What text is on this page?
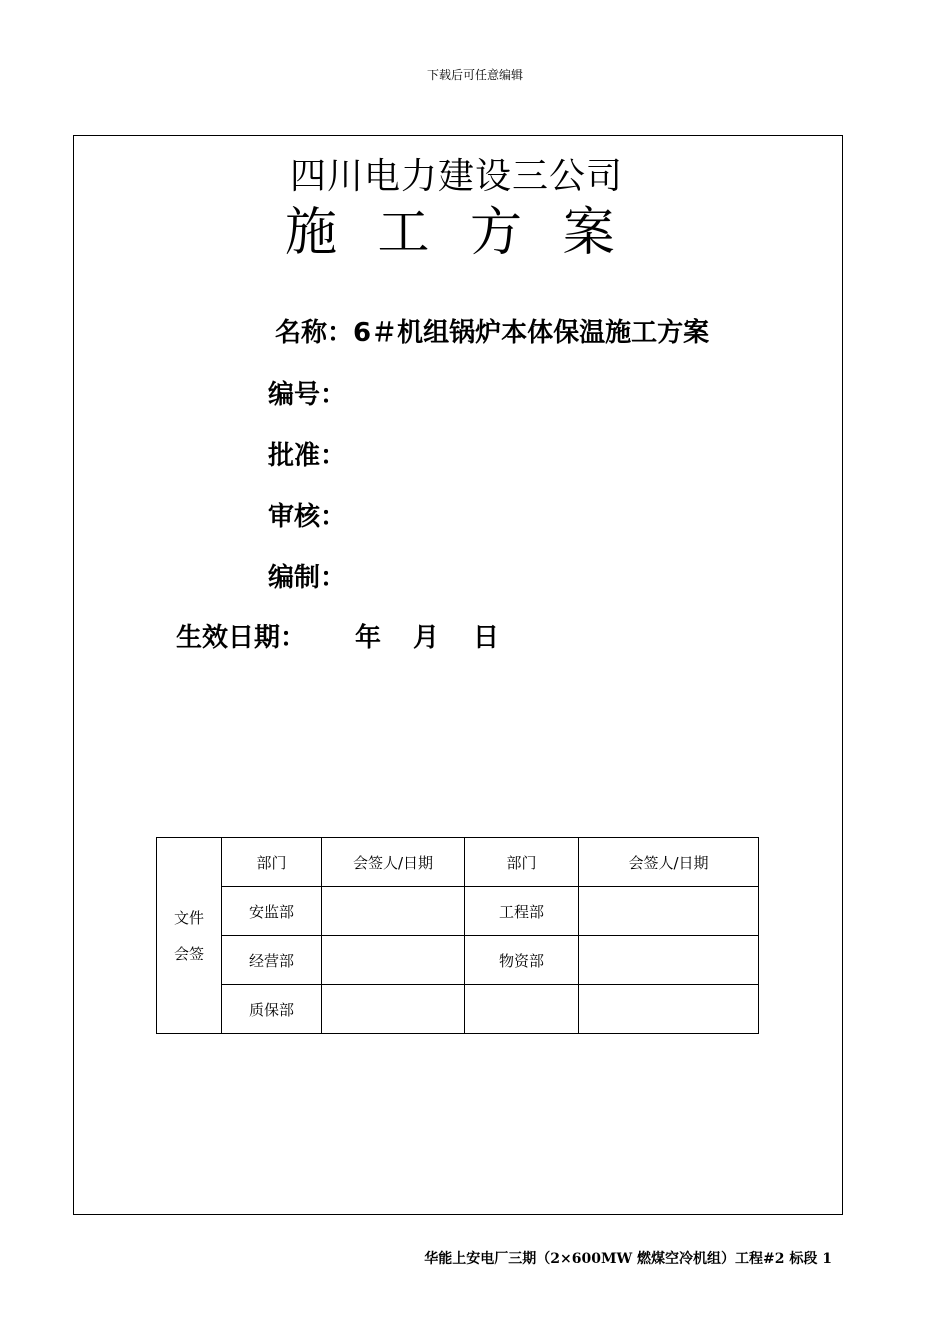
下载后可任意编辑
四川电力建设三公司
施 工 方 案
名称：6＃机组锅炉本体保温施工方案
编号：
批准：
审核：
编制：
生效日期： 年 月 日
文件
会签	部门	会签人/日期	部门	会签人/日期
	安监部		工程部	
	经营部		物资部	
	质保部			
华能上安电厂三期（2×600MW 燃煤空冷机组）工程#2 标段 1
